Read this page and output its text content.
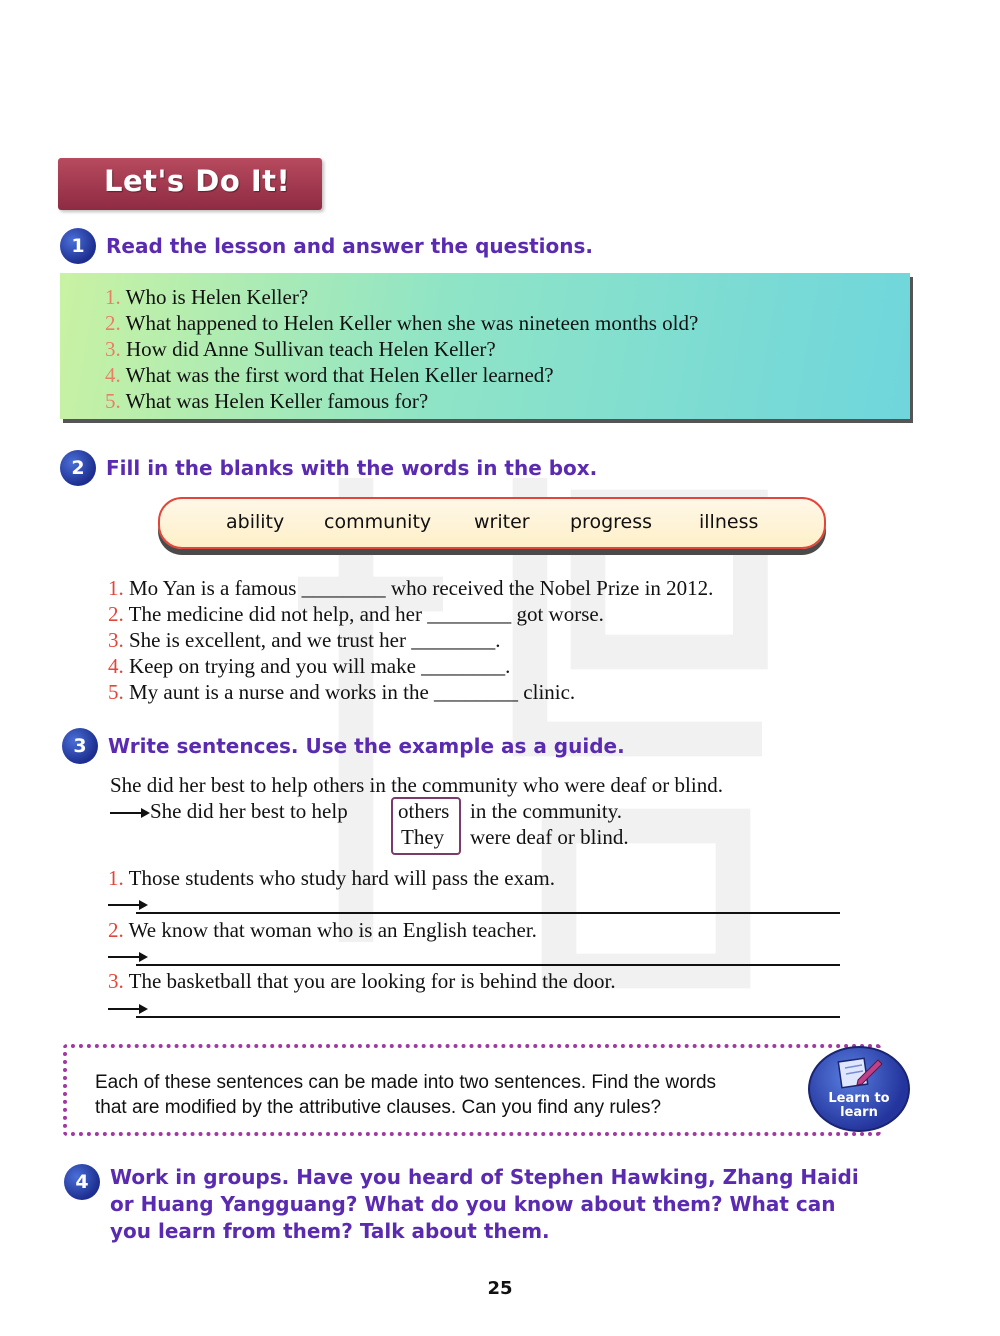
Let's Do It!
1	Read the lesson and answer the questions.
1. Who is Helen Keller?
2. What happened to Helen Keller when she was nineteen months old?
3. How did Anne Sullivan teach Helen Keller?
4. What was the first word that Helen Keller learned?
5. What was Helen Keller famous for?
2	Fill in the blanks with the words in the box.
ability community writer progress illness
1. Mo Yan is a famous ________ who received the Nobel Prize in 2012.
2. The medicine did not help, and her ________ got worse.
3. She is excellent, and we trust her ________.
4. Keep on trying and you will make ________.
5. My aunt is a nurse and works in the ________ clinic.
3	Write sentences. Use the example as a guide.
She did her best to help others in the community who were deaf or blind.
She did her best to help others in the community.
They were deaf or blind.
1. Those students who study hard will pass the exam.
2. We know that woman who is an English teacher.
3. The basketball that you are looking for is behind the door.
Each of these sentences can be made into two sentences. Find the words
that are modified by the attributive clauses. Can you find any rules?	Learn to
learn
4	Work in groups. Have you heard of Stephen Hawking, Zhang Haidi
or Huang Yangguang? What do you know about them? What can
you learn from them? Talk about them.
25
